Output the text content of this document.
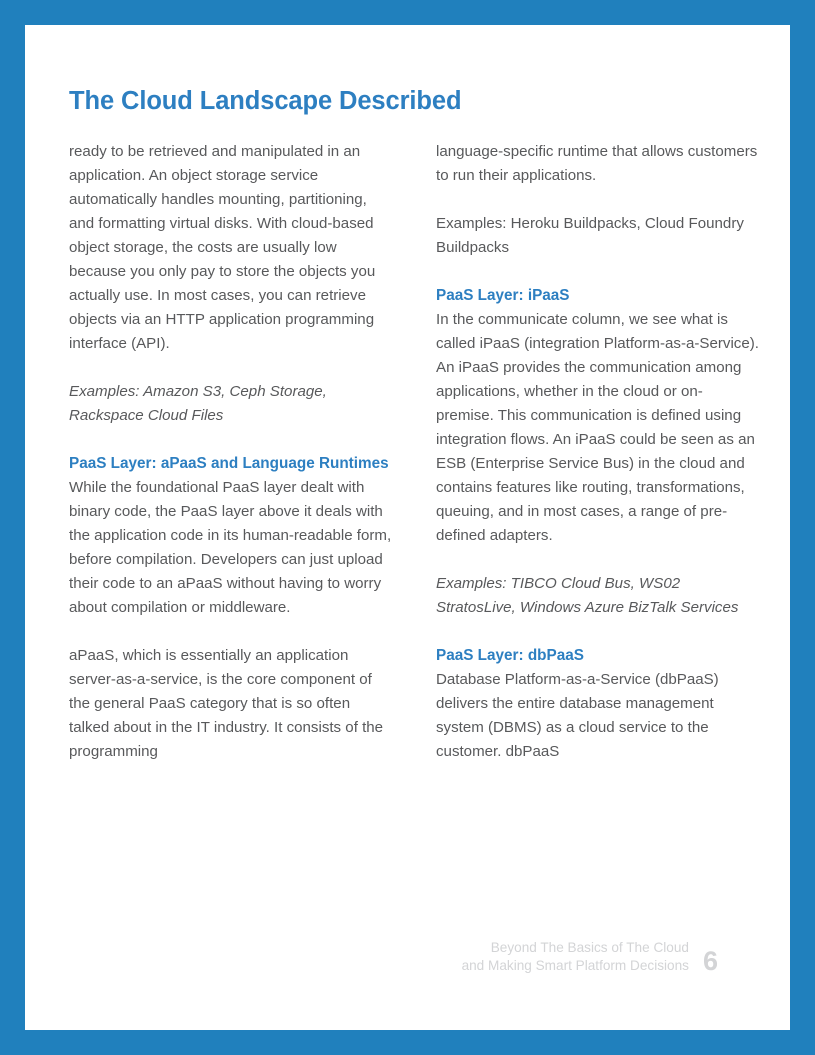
The Cloud Landscape Described

ready to be retrieved and manipulated in an application. An object storage service automatically handles mounting, partitioning, and formatting virtual disks. With cloud-based object storage, the costs are usually low because you only pay to store the objects you actually use. In most cases, you can retrieve objects via an HTTP application programming interface (API).

Examples: Amazon S3, Ceph Storage, Rackspace Cloud Files

PaaS Layer: aPaaS and Language Runtimes

While the foundational PaaS layer dealt with binary code, the PaaS layer above it deals with the application code in its human-readable form, before compilation. Developers can just upload their code to an aPaaS without having to worry about compilation or middleware.

aPaaS, which is essentially an application server-as-a-service, is the core component of the general PaaS category that is so often talked about in the IT industry. It consists of the programming

language-specific runtime that allows customers to run their applications.

Examples: Heroku Buildpacks, Cloud Foundry Buildpacks

PaaS Layer: iPaaS

In the communicate column, we see what is called iPaaS (integration Platform-as-a-Service). An iPaaS provides the communication among applications, whether in the cloud or on-premise. This communication is defined using integration flows. An iPaaS could be seen as an ESB (Enterprise Service Bus) in the cloud and contains features like routing, transformations, queuing, and in most cases, a range of pre-defined adapters.

Examples: TIBCO Cloud Bus, WS02 StratosLive, Windows Azure BizTalk Services

PaaS Layer: dbPaaS

Database Platform-as-a-Service (dbPaaS) delivers the entire database management system (DBMS) as a cloud service to the customer. dbPaaS

Beyond The Basics of The Cloud
and Making Smart Platform Decisions 6
